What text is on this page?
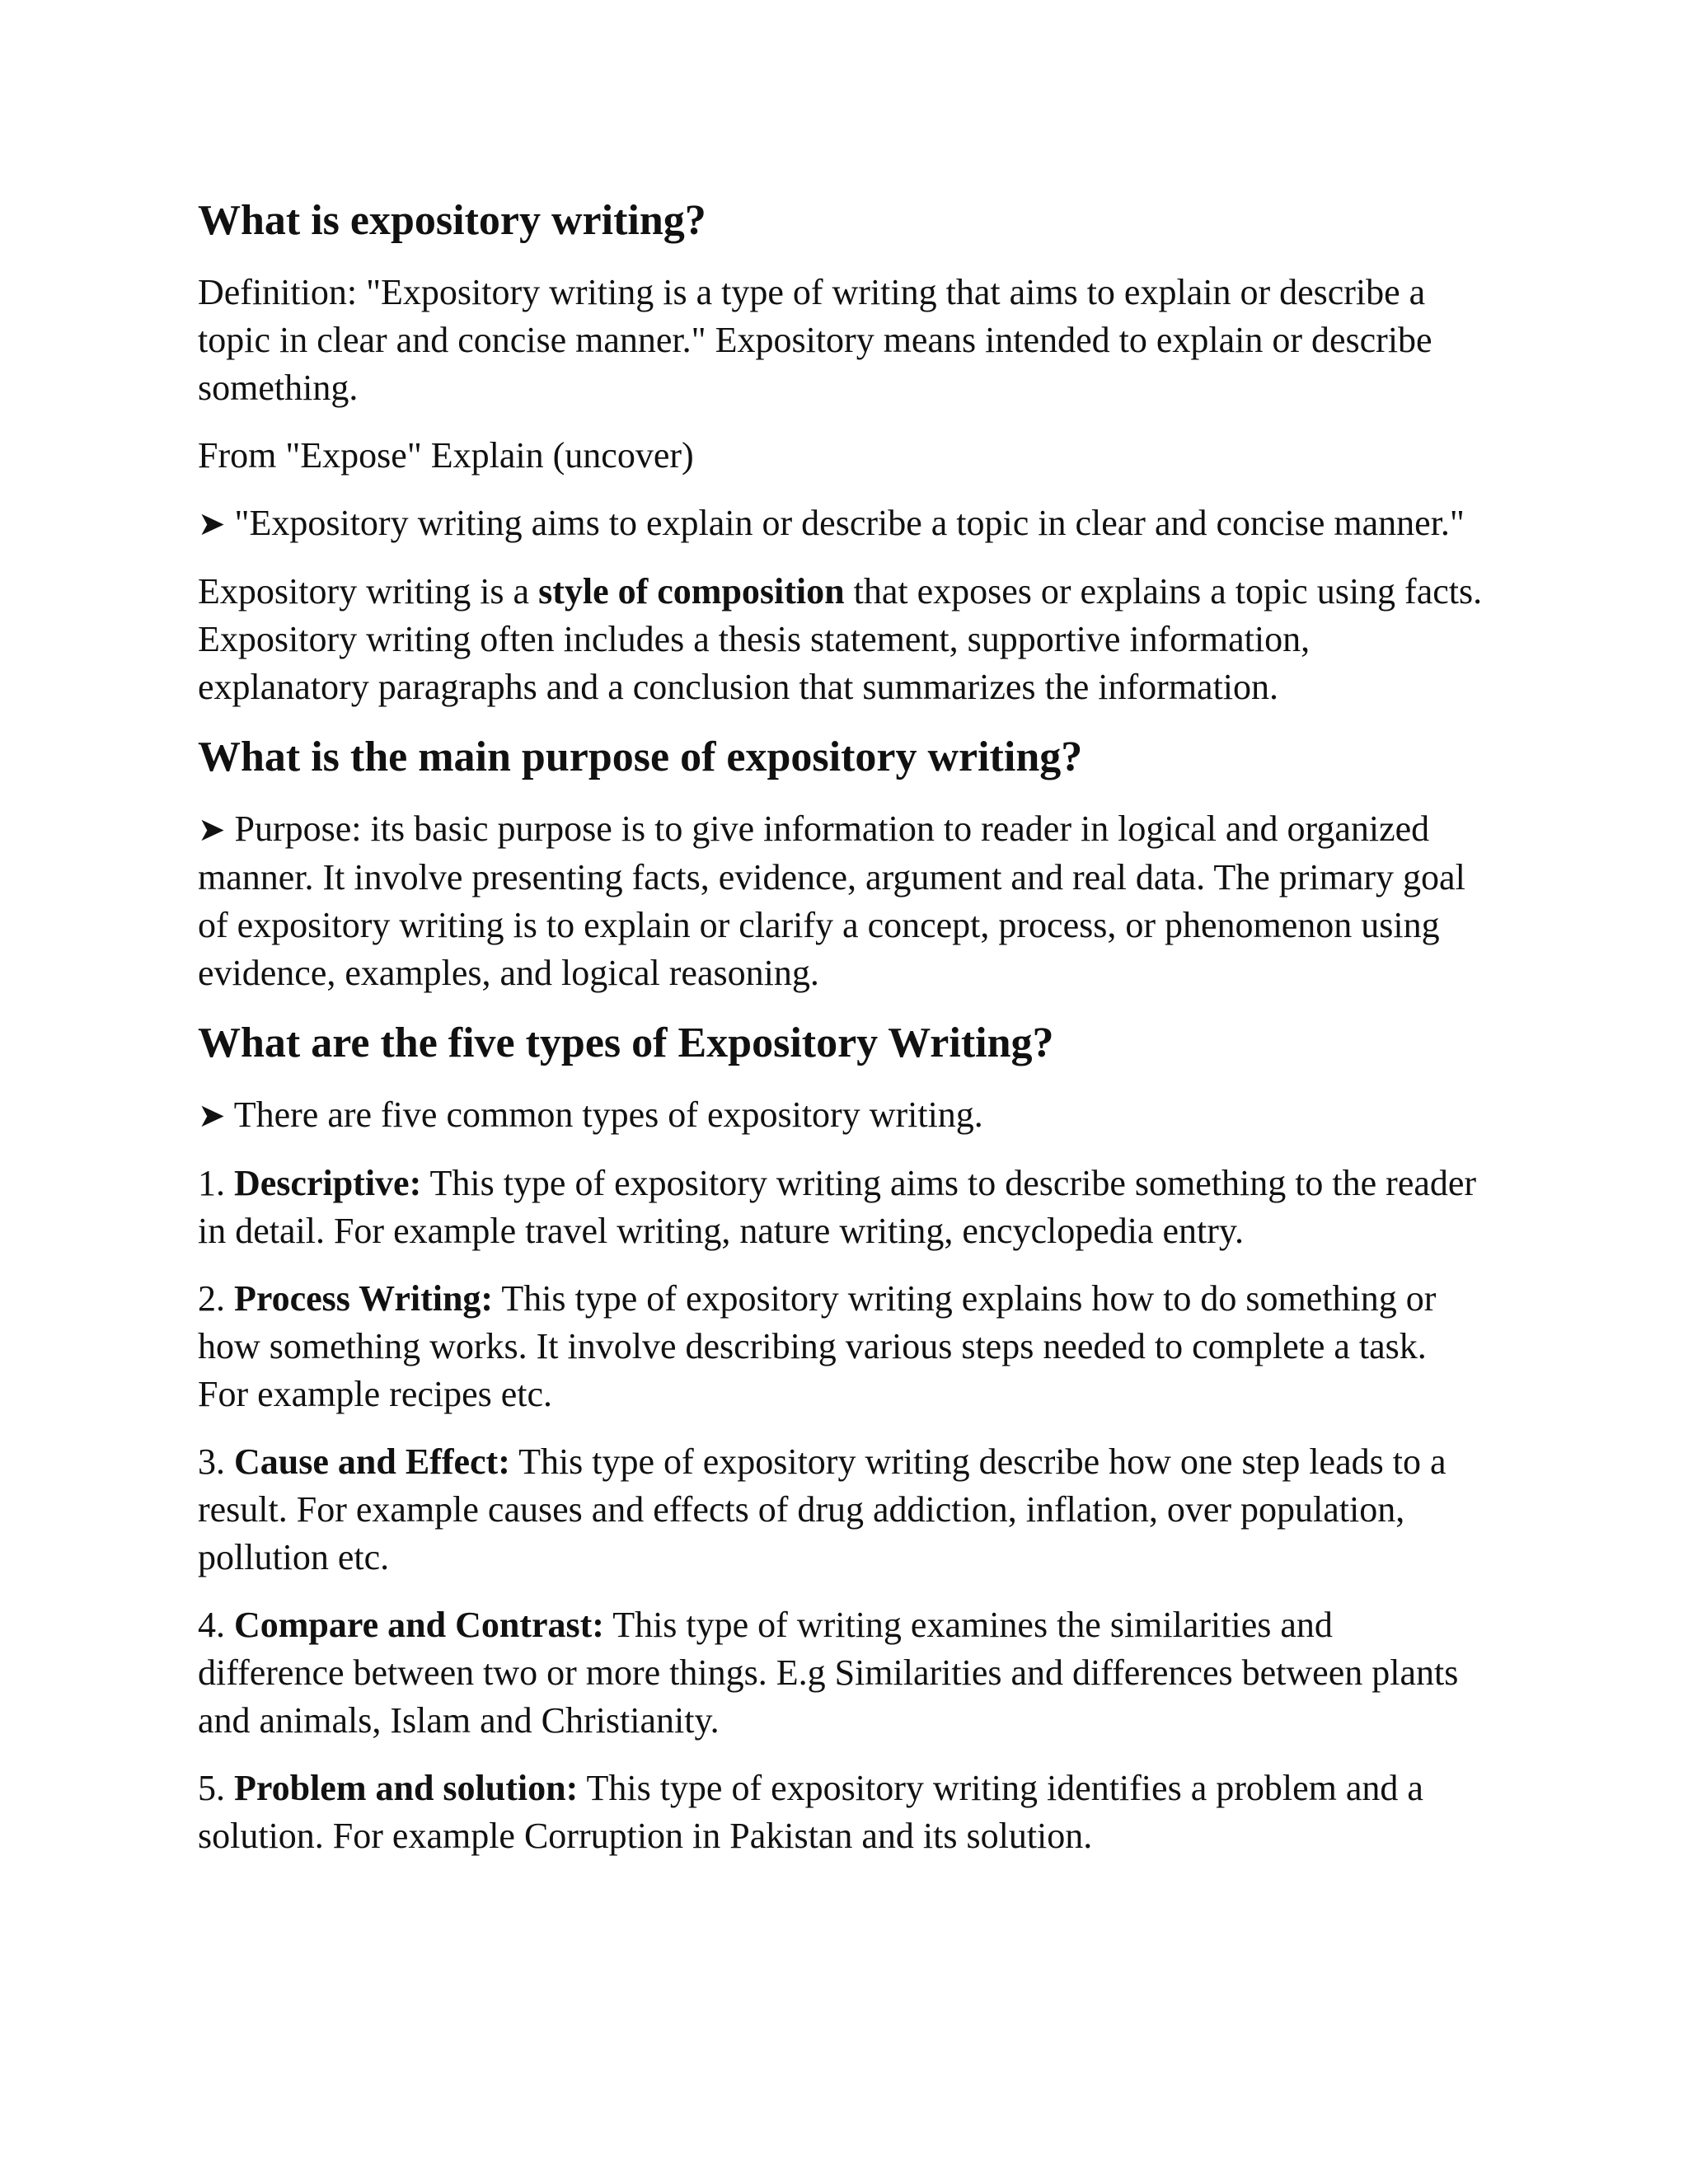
What is expository writing?

Definition: "Expository writing is a type of writing that aims to explain or describe a topic in clear and concise manner." Expository means intended to explain or describe something.

From "Expose" Explain (uncover)

➤ "Expository writing aims to explain or describe a topic in clear and concise manner."

Expository writing is a style of composition that exposes or explains a topic using facts. Expository writing often includes a thesis statement, supportive information, explanatory paragraphs and a conclusion that summarizes the information.

What is the main purpose of expository writing?

➤ Purpose: its basic purpose is to give information to reader in logical and organized manner. It involve presenting facts, evidence, argument and real data. The primary goal of expository writing is to explain or clarify a concept, process, or phenomenon using evidence, examples, and logical reasoning.

What are the five types of Expository Writing?

➤ There are five common types of expository writing.

1. Descriptive: This type of expository writing aims to describe something to the reader in detail. For example travel writing, nature writing, encyclopedia entry.

2. Process Writing: This type of expository writing explains how to do something or how something works. It involve describing various steps needed to complete a task. For example recipes etc.

3. Cause and Effect: This type of expository writing describe how one step leads to a result. For example causes and effects of drug addiction, inflation, over population, pollution etc.

4. Compare and Contrast: This type of writing examines the similarities and difference between two or more things. E.g Similarities and differences between plants and animals, Islam and Christianity.

5. Problem and solution: This type of expository writing identifies a problem and a solution. For example Corruption in Pakistan and its solution.
